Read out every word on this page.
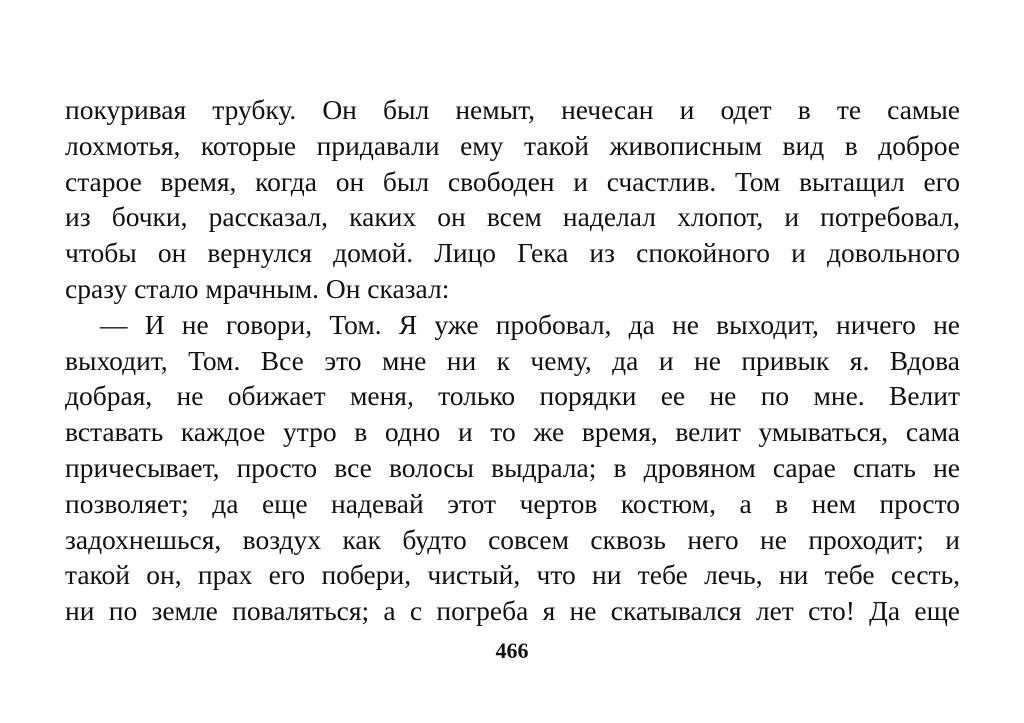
покуривая трубку. Он был немыт, нечесан и одет в те самые
лохмотья, которые придавали ему такой живописным вид в доброе
старое время, когда он был свободен и счастлив. Том вытащил его
из бочки, рассказал, каких он всем наделал хлопот, и потребовал,
чтобы он вернулся домой. Лицо Гека из спокойного и довольного
сразу стало мрачным. Он сказал:
— И не говори, Том. Я уже пробовал, да не выходит, ничего не
выходит, Том. Все это мне ни к чему, да и не привык я. Вдова
добрая, не обижает меня, только порядки ее не по мне. Велит
вставать каждое утро в одно и то же время, велит умываться, сама
причесывает, просто все волосы выдрала; в дровяном сарае спать не
позволяет; да еще надевай этот чертов костюм, а в нем просто
задохнешься, воздух как будто совсем сквозь него не проходит; и
такой он, прах его побери, чистый, что ни тебе лечь, ни тебе сесть,
ни по земле поваляться; а с погреба я не скатывался лет сто! Да еще
466
